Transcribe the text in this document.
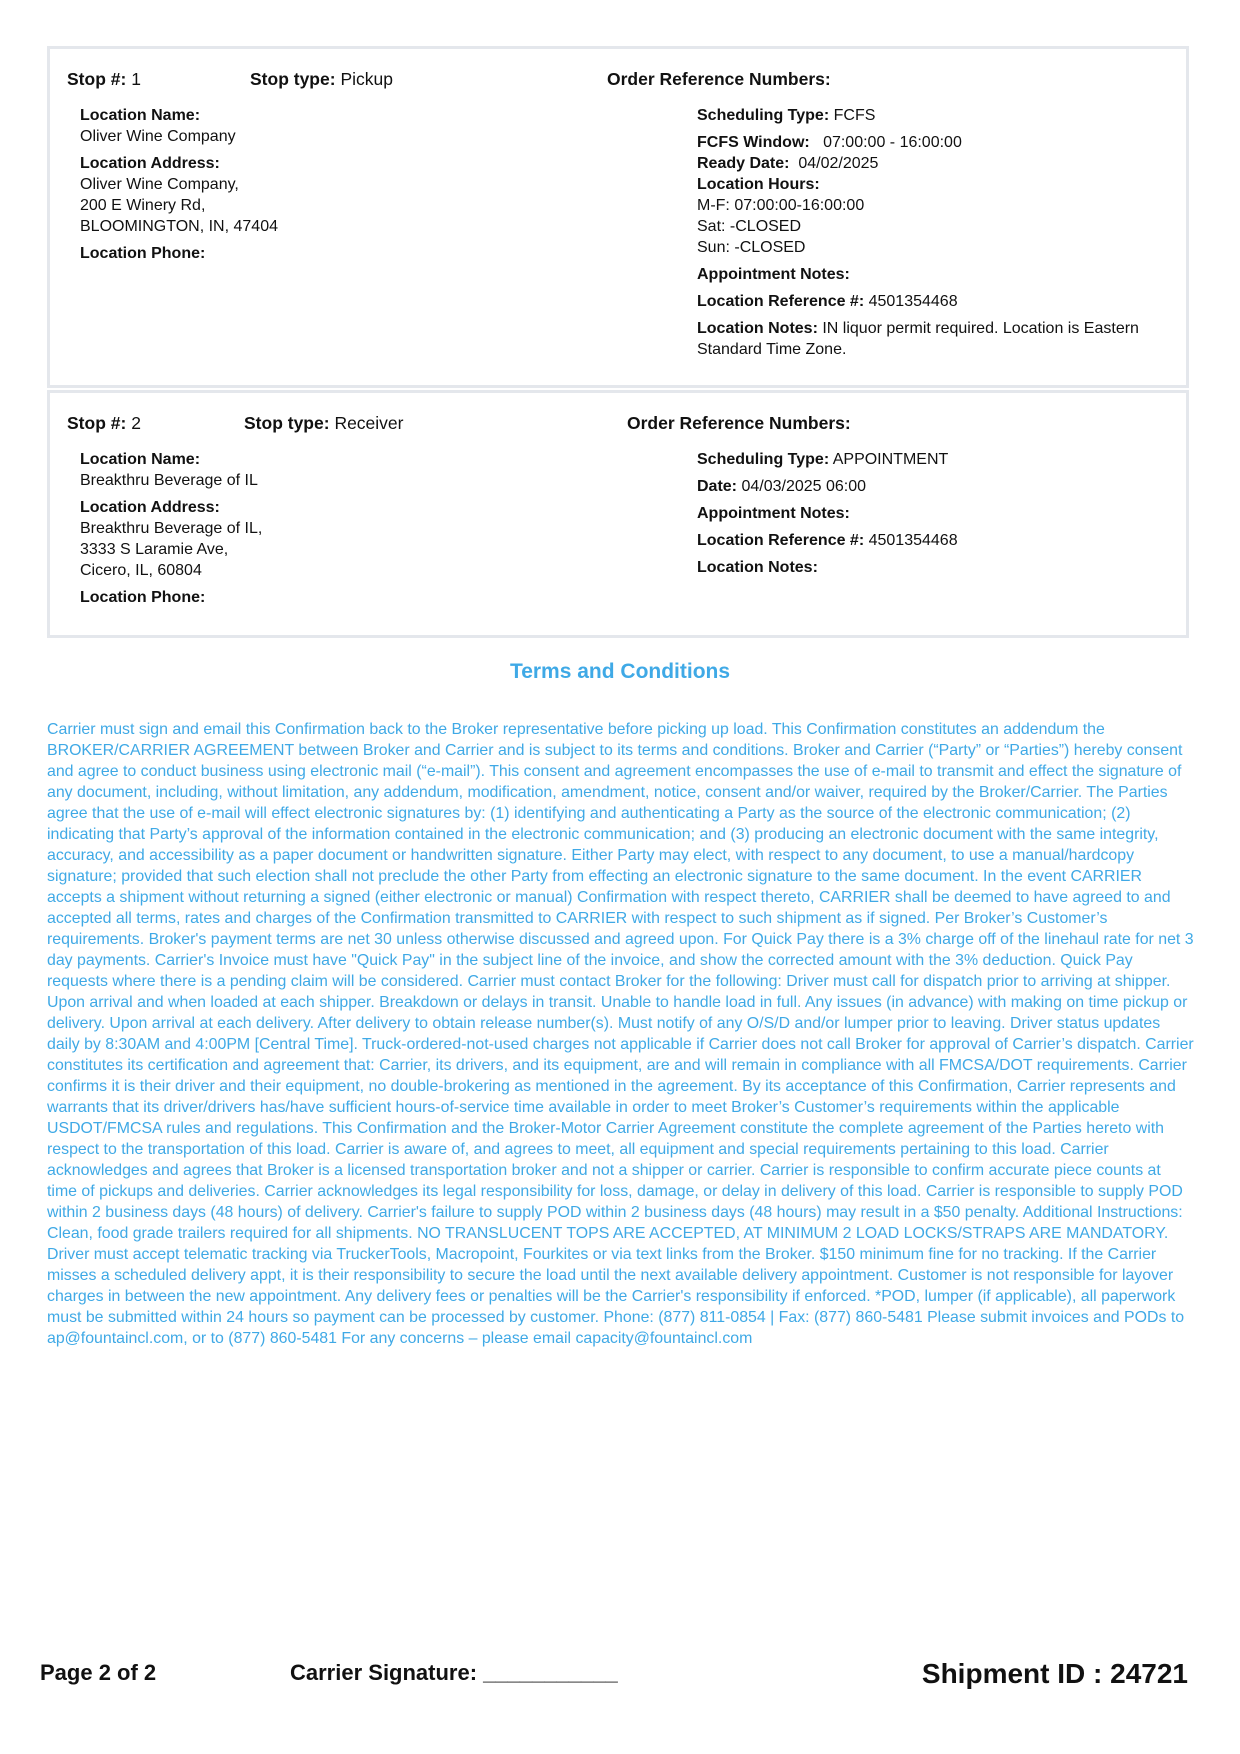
Stop #: 1	Stop type: Pickup	Order Reference Numbers:
Location Name:
Oliver Wine Company
Location Address:
Oliver Wine Company,
200 E Winery Rd,
BLOOMINGTON, IN, 47404
Location Phone:
Scheduling Type: FCFS
FCFS Window: 07:00:00 - 16:00:00
Ready Date: 04/02/2025
Location Hours:
M-F: 07:00:00-16:00:00
Sat: -CLOSED
Sun: -CLOSED
Appointment Notes:
Location Reference #: 4501354468
Location Notes: IN liquor permit required. Location is Eastern
Standard Time Zone.
Stop #: 2	Stop type: Receiver	Order Reference Numbers:
Location Name:
Breakthru Beverage of IL
Location Address:
Breakthru Beverage of IL,
3333 S Laramie Ave,
Cicero, IL, 60804
Location Phone:
Scheduling Type: APPOINTMENT
Date: 04/03/2025 06:00
Appointment Notes:
Location Reference #: 4501354468
Location Notes:
Terms and Conditions
Carrier must sign and email this Confirmation back to the Broker representative before picking up load. This Confirmation constitutes an addendum the BROKER/CARRIER AGREEMENT between Broker and Carrier and is subject to its terms and conditions. Broker and Carrier (“Party” or “Parties”) hereby consent and agree to conduct business using electronic mail (“e-mail”). This consent and agreement encompasses the use of e-mail to transmit and effect the signature of any document, including, without limitation, any addendum, modification, amendment, notice, consent and/or waiver, required by the Broker/Carrier. The Parties agree that the use of e-mail will effect electronic signatures by: (1) identifying and authenticating a Party as the source of the electronic communication; (2) indicating that Party’s approval of the information contained in the electronic communication; and (3) producing an electronic document with the same integrity, accuracy, and accessibility as a paper document or handwritten signature. Either Party may elect, with respect to any document, to use a manual/hardcopy signature; provided that such election shall not preclude the other Party from effecting an electronic signature to the same document. In the event CARRIER accepts a shipment without returning a signed (either electronic or manual) Confirmation with respect thereto, CARRIER shall be deemed to have agreed to and accepted all terms, rates and charges of the Confirmation transmitted to CARRIER with respect to such shipment as if signed. Per Broker’s Customer’s requirements. Broker's payment terms are net 30 unless otherwise discussed and agreed upon. For Quick Pay there is a 3% charge off of the linehaul rate for net 3 day payments. Carrier's Invoice must have "Quick Pay" in the subject line of the invoice, and show the corrected amount with the 3% deduction. Quick Pay requests where there is a pending claim will be considered. Carrier must contact Broker for the following: Driver must call for dispatch prior to arriving at shipper. Upon arrival and when loaded at each shipper. Breakdown or delays in transit. Unable to handle load in full. Any issues (in advance) with making on time pickup or delivery. Upon arrival at each delivery. After delivery to obtain release number(s). Must notify of any O/S/D and/or lumper prior to leaving. Driver status updates daily by 8:30AM and 4:00PM [Central Time]. Truck-ordered-not-used charges not applicable if Carrier does not call Broker for approval of Carrier’s dispatch. Carrier constitutes its certification and agreement that: Carrier, its drivers, and its equipment, are and will remain in compliance with all FMCSA/DOT requirements. Carrier confirms it is their driver and their equipment, no double-brokering as mentioned in the agreement. By its acceptance of this Confirmation, Carrier represents and warrants that its driver/drivers has/have sufficient hours-of-service time available in order to meet Broker’s Customer’s requirements within the applicable USDOT/FMCSA rules and regulations. This Confirmation and the Broker-Motor Carrier Agreement constitute the complete agreement of the Parties hereto with respect to the transportation of this load. Carrier is aware of, and agrees to meet, all equipment and special requirements pertaining to this load. Carrier acknowledges and agrees that Broker is a licensed transportation broker and not a shipper or carrier. Carrier is responsible to confirm accurate piece counts at time of pickups and deliveries. Carrier acknowledges its legal responsibility for loss, damage, or delay in delivery of this load. Carrier is responsible to supply POD within 2 business days (48 hours) of delivery. Carrier's failure to supply POD within 2 business days (48 hours) may result in a $50 penalty. Additional Instructions: Clean, food grade trailers required for all shipments. NO TRANSLUCENT TOPS ARE ACCEPTED, AT MINIMUM 2 LOAD LOCKS/STRAPS ARE MANDATORY. Driver must accept telematic tracking via TruckerTools, Macropoint, Fourkites or via text links from the Broker. $150 minimum fine for no tracking. If the Carrier misses a scheduled delivery appt, it is their responsibility to secure the load until the next available delivery appointment. Customer is not responsible for layover charges in between the new appointment. Any delivery fees or penalties will be the Carrier's responsibility if enforced. *POD, lumper (if applicable), all paperwork must be submitted within 24 hours so payment can be processed by customer. Phone: (877) 811-0854 | Fax: (877) 860-5481 Please submit invoices and PODs to ap@fountaincl.com, or to (877) 860-5481 For any concerns – please email capacity@fountaincl.com
Page 2 of 2	Carrier Signature: ___________	Shipment ID : 24721
